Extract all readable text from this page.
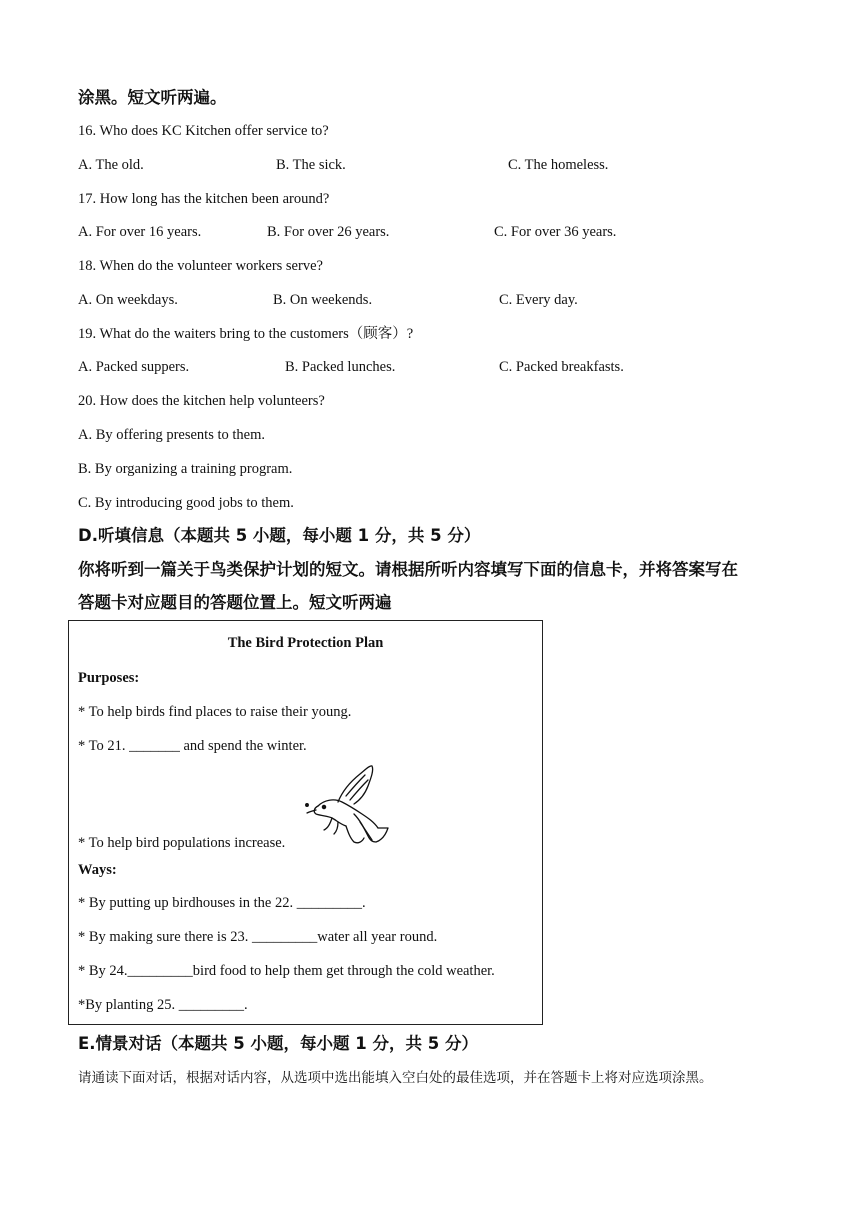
涂黑。短文听两遍。
16. Who does KC Kitchen offer service to?
A. The old.	B. The sick.	C. The homeless.
17. How long has the kitchen been around?
A. For over 16 years.	B. For over 26 years.	C. For over 36 years.
18. When do the volunteer workers serve?
A. On weekdays.	B. On weekends.	C. Every day.
19. What do the waiters bring to the customers（顾客）?
A. Packed suppers.	B. Packed lunches.	C. Packed breakfasts.
20. How does the kitchen help volunteers?
A. By offering presents to them.
B. By organizing a training program.
C. By introducing good jobs to them.
D.听填信息（本题共 5 小题，每小题 1 分，共 5 分）
你将听到一篇关于鸟类保护计划的短文。请根据所听内容填写下面的信息卡，并将答案写在
答题卡对应题目的答题位置上。短文听两遍
The Bird Protection Plan
Purposes:
* To help birds find places to raise their young.
* To 21. _______ and spend the winter.
* To help bird populations increase.
Ways:
* By putting up birdhouses in the 22. _________.
* By making sure there is 23. _________water all year round.
* By 24._________bird food to help them get through the cold weather.
*By planting 25. _________.
E.情景对话（本题共 5 小题，每小题 1 分，共 5 分）
请通读下面对话，根据对话内容，从选项中选出能填入空白处的最佳选项，并在答题卡上将对应选项涂黑。
